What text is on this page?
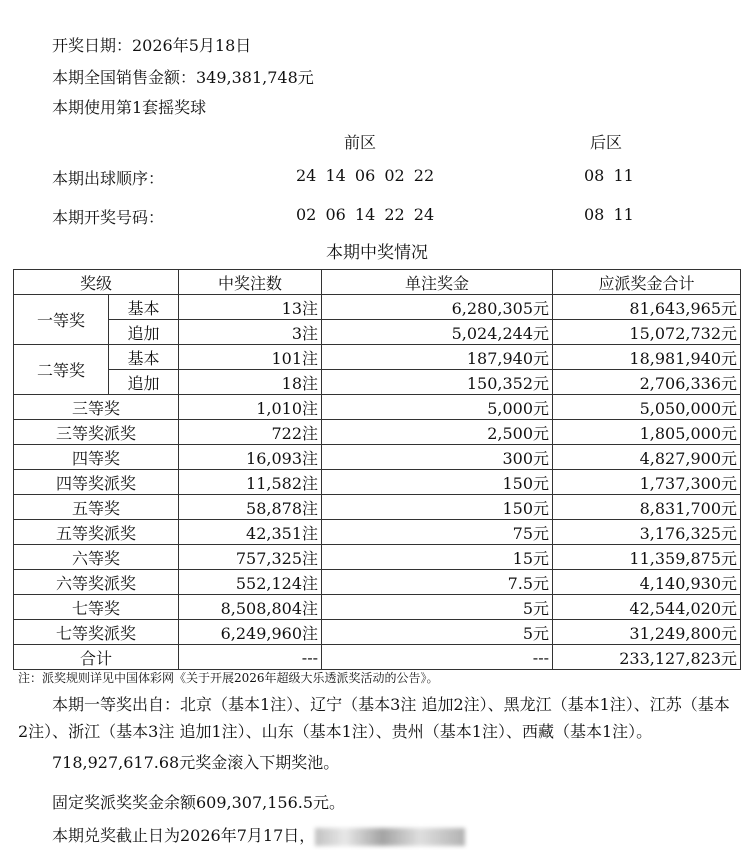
开奖日期：2026年5月18日
本期全国销售金额：349,381,748元
本期使用第1套摇奖球
前区	后区
本期出球顺序：	24 14 06 02 22	08 11
本期开奖号码：	02 06 14 22 24	08 11
本期中奖情况
奖级		中奖注数	单注奖金	应派奖金合计
一等奖	基本	13注	6,280,305元	81,643,965元
	追加	3注	5,024,244元	15,072,732元
二等奖	基本	101注	187,940元	18,981,940元
	追加	18注	150,352元	2,706,336元
三等奖		1,010注	5,000元	5,050,000元
三等奖派奖		722注	2,500元	1,805,000元
四等奖		16,093注	300元	4,827,900元
四等奖派奖		11,582注	150元	1,737,300元
五等奖		58,878注	150元	8,831,700元
五等奖派奖		42,351注	75元	3,176,325元
六等奖		757,325注	15元	11,359,875元
六等奖派奖		552,124注	7.5元	4,140,930元
七等奖		8,508,804注	5元	42,544,020元
七等奖派奖		6,249,960注	5元	31,249,800元
合计		---	---	233,127,823元
注：派奖规则详见中国体彩网《关于开展2026年超级大乐透派奖活动的公告》。
本期一等奖出自：北京（基本1注）、辽宁（基本3注 追加2注）、黑龙江（基本1注）、江苏（基本2注）、浙江（基本3注 追加1注）、山东（基本1注）、贵州（基本1注）、西藏（基本1注）。
718,927,617.68元奖金滚入下期奖池。
固定奖派奖奖金余额609,307,156.5元。
本期兑奖截止日为2026年7月17日，
